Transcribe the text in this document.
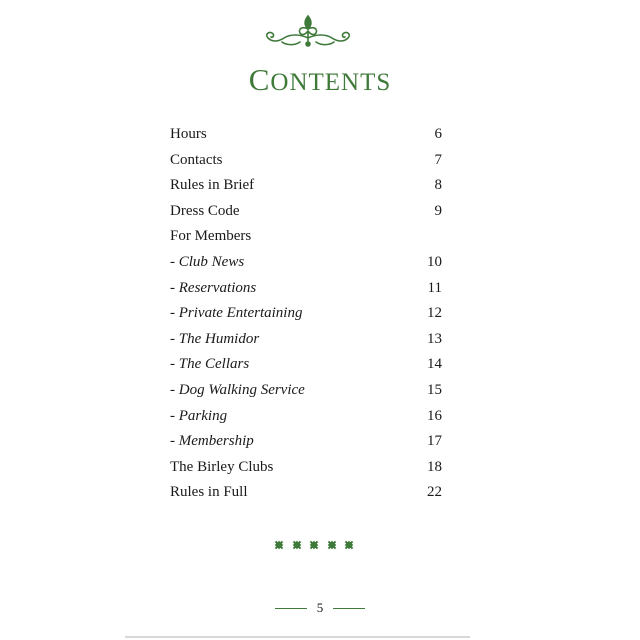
CONTENTS
Hours	6
Contacts	7
Rules in Brief	8
Dress Code	9
For Members
- Club News	10
- Reservations	11
- Private Entertaining	12
- The Humidor	13
- The Cellars	14
- Dog Walking Service	15
- Parking	16
- Membership	17
The Birley Clubs	18
Rules in Full	22
5
